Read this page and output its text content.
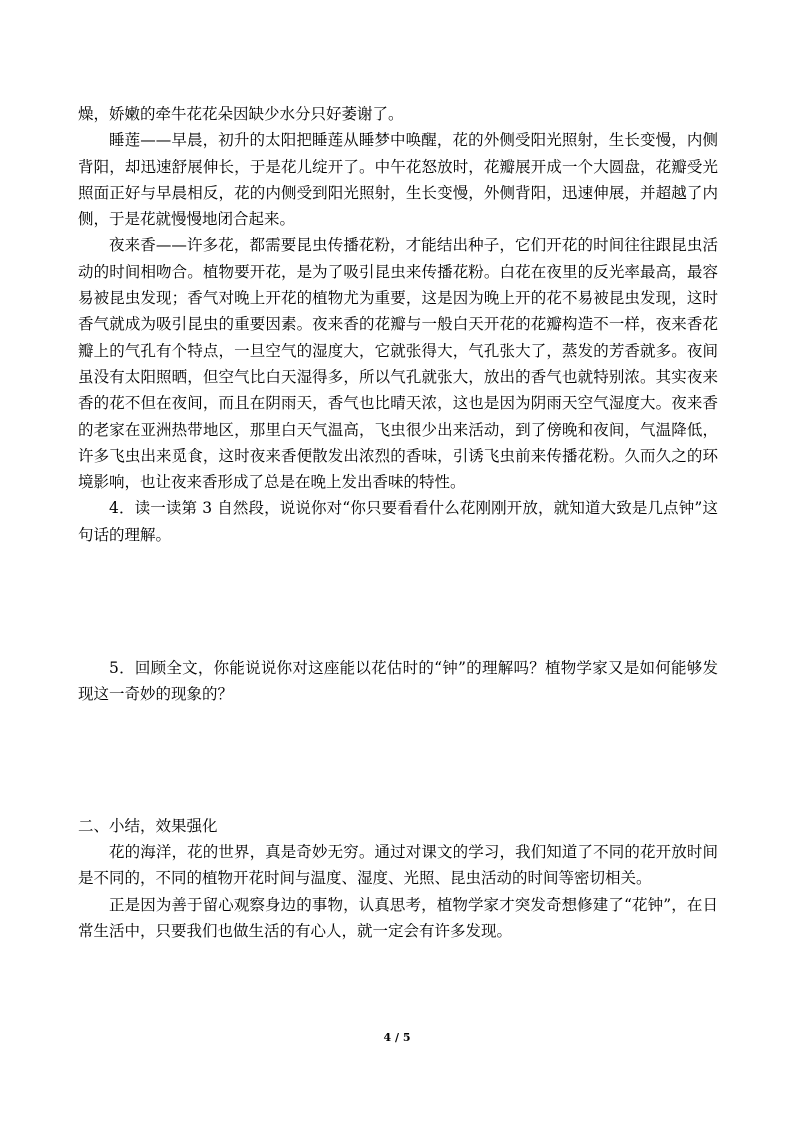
燥，娇嫩的牵牛花花朵因缺少水分只好萎谢了。

睡莲——早晨，初升的太阳把睡莲从睡梦中唤醒，花的外侧受阳光照射，生长变慢，内侧背阳，却迅速舒展伸长，于是花儿绽开了。中午花怒放时，花瓣展开成一个大圆盘，花瓣受光照面正好与早晨相反，花的内侧受到阳光照射，生长变慢，外侧背阳，迅速伸展，并超越了内侧，于是花就慢慢地闭合起来。

夜来香——许多花，都需要昆虫传播花粉，才能结出种子，它们开花的时间往往跟昆虫活动的时间相吻合。植物要开花，是为了吸引昆虫来传播花粉。白花在夜里的反光率最高，最容易被昆虫发现；香气对晚上开花的植物尤为重要，这是因为晚上开的花不易被昆虫发现，这时香气就成为吸引昆虫的重要因素。夜来香的花瓣与一般白天开花的花瓣构造不一样，夜来香花瓣上的气孔有个特点，一旦空气的湿度大，它就张得大，气孔张大了，蒸发的芳香就多。夜间虽没有太阳照晒，但空气比白天湿得多，所以气孔就张大，放出的香气也就特别浓。其实夜来香的花不但在夜间，而且在阴雨天，香气也比晴天浓，这也是因为阴雨天空气湿度大。夜来香的老家在亚洲热带地区，那里白天气温高，飞虫很少出来活动，到了傍晚和夜间，气温降低，许多飞虫出来觅食，这时夜来香便散发出浓烈的香味，引诱飞虫前来传播花粉。久而久之的环境影响，也让夜来香形成了总是在晚上发出香味的特性。

4．读一读第 3 自然段，说说你对“你只要看看什么花刚刚开放，就知道大致是几点钟”这句话的理解。

5．回顾全文，你能说说你对这座能以花估时的“钟”的理解吗？植物学家又是如何能够发现这一奇妙的现象的？

二、小结，效果强化

花的海洋，花的世界，真是奇妙无穷。通过对课文的学习，我们知道了不同的花开放时间是不同的，不同的植物开花时间与温度、湿度、光照、昆虫活动的时间等密切相关。

正是因为善于留心观察身边的事物，认真思考，植物学家才突发奇想修建了“花钟”，在日常生活中，只要我们也做生活的有心人，就一定会有许多发现。

4 / 5
